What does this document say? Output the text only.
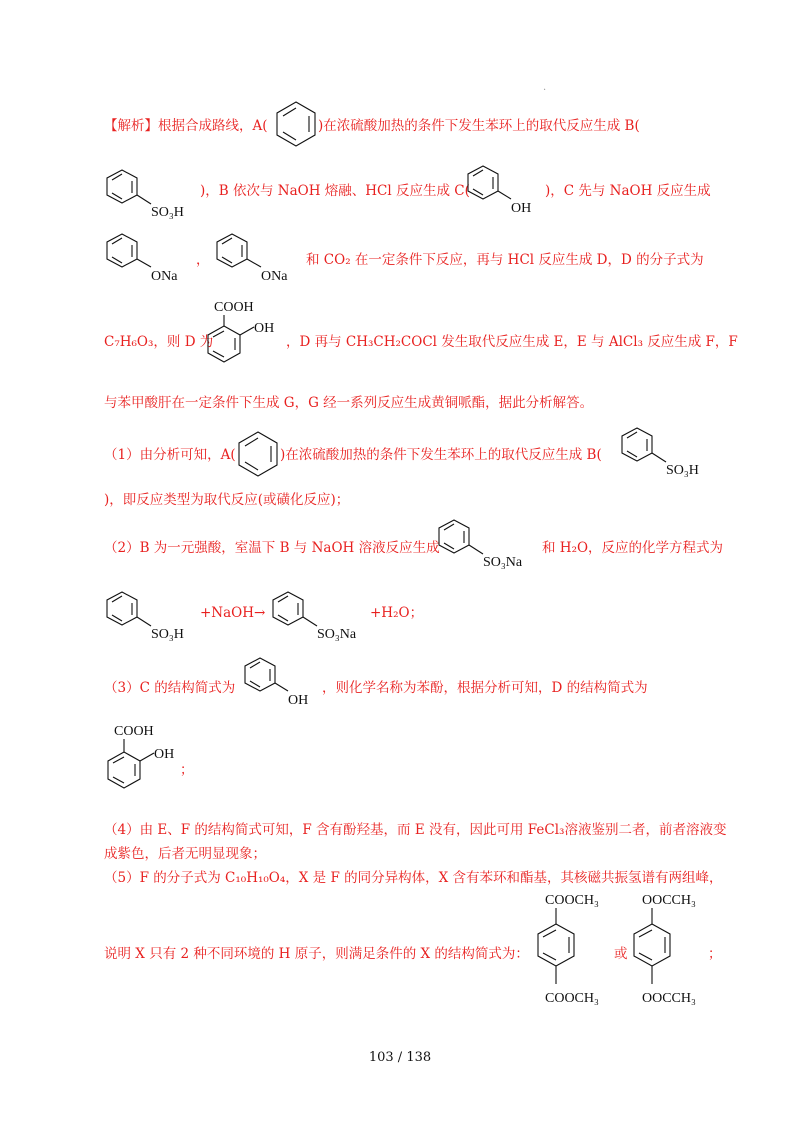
【解析】根据合成路线，A(	)在浓硫酸加热的条件下发生苯环上的取代反应生成 B(
SO₃H
)，B 依次与 NaOH 熔融、HCl 反应生成 C(
OH
)，C 先与 NaOH 反应生成
ONa
，
ONa
和 CO₂ 在一定条件下反应，再与 HCl 反应生成 D，D 的分子式为
C₇H₆O₃，则 D 为
COOH
OH
，D 再与 CH₃CH₂COCl 发生取代反应生成 E，E 与 AlCl₃ 反应生成 F，F
与苯甲酸肝在一定条件下生成 G，G 经一系列反应生成黄铜哌酯，据此分析解答。
（1）由分析可知，A(	)在浓硫酸加热的条件下发生苯环上的取代反应生成 B(
SO₃H
)，即反应类型为取代反应(或磺化反应)；
（2）B 为一元强酸，室温下 B 与 NaOH 溶液反应生成
SO₃Na
和 H₂O，反应的化学方程式为
SO₃H
+NaOH→
SO₃Na
+H₂O；
（3）C 的结构简式为
OH
，则化学名称为苯酚，根据分析可知，D 的结构简式为
COOH
OH
；
（4）由 E、F 的结构简式可知，F 含有酚羟基，而 E 没有，因此可用 FeCl₃溶液鉴别二者，前者溶液变
成紫色，后者无明显现象；
（5）F 的分子式为 C₁₀H₁₀O₄，X 是 F 的同分异构体，X 含有苯环和酯基，其核磁共振氢谱有两组峰，
说明 X 只有 2 种不同环境的 H 原子，则满足条件的 X 的结构简式为：
COOCH₃
COOCH₃
或
OOCCH₃
OOCCH₃
；
.
103 / 138
